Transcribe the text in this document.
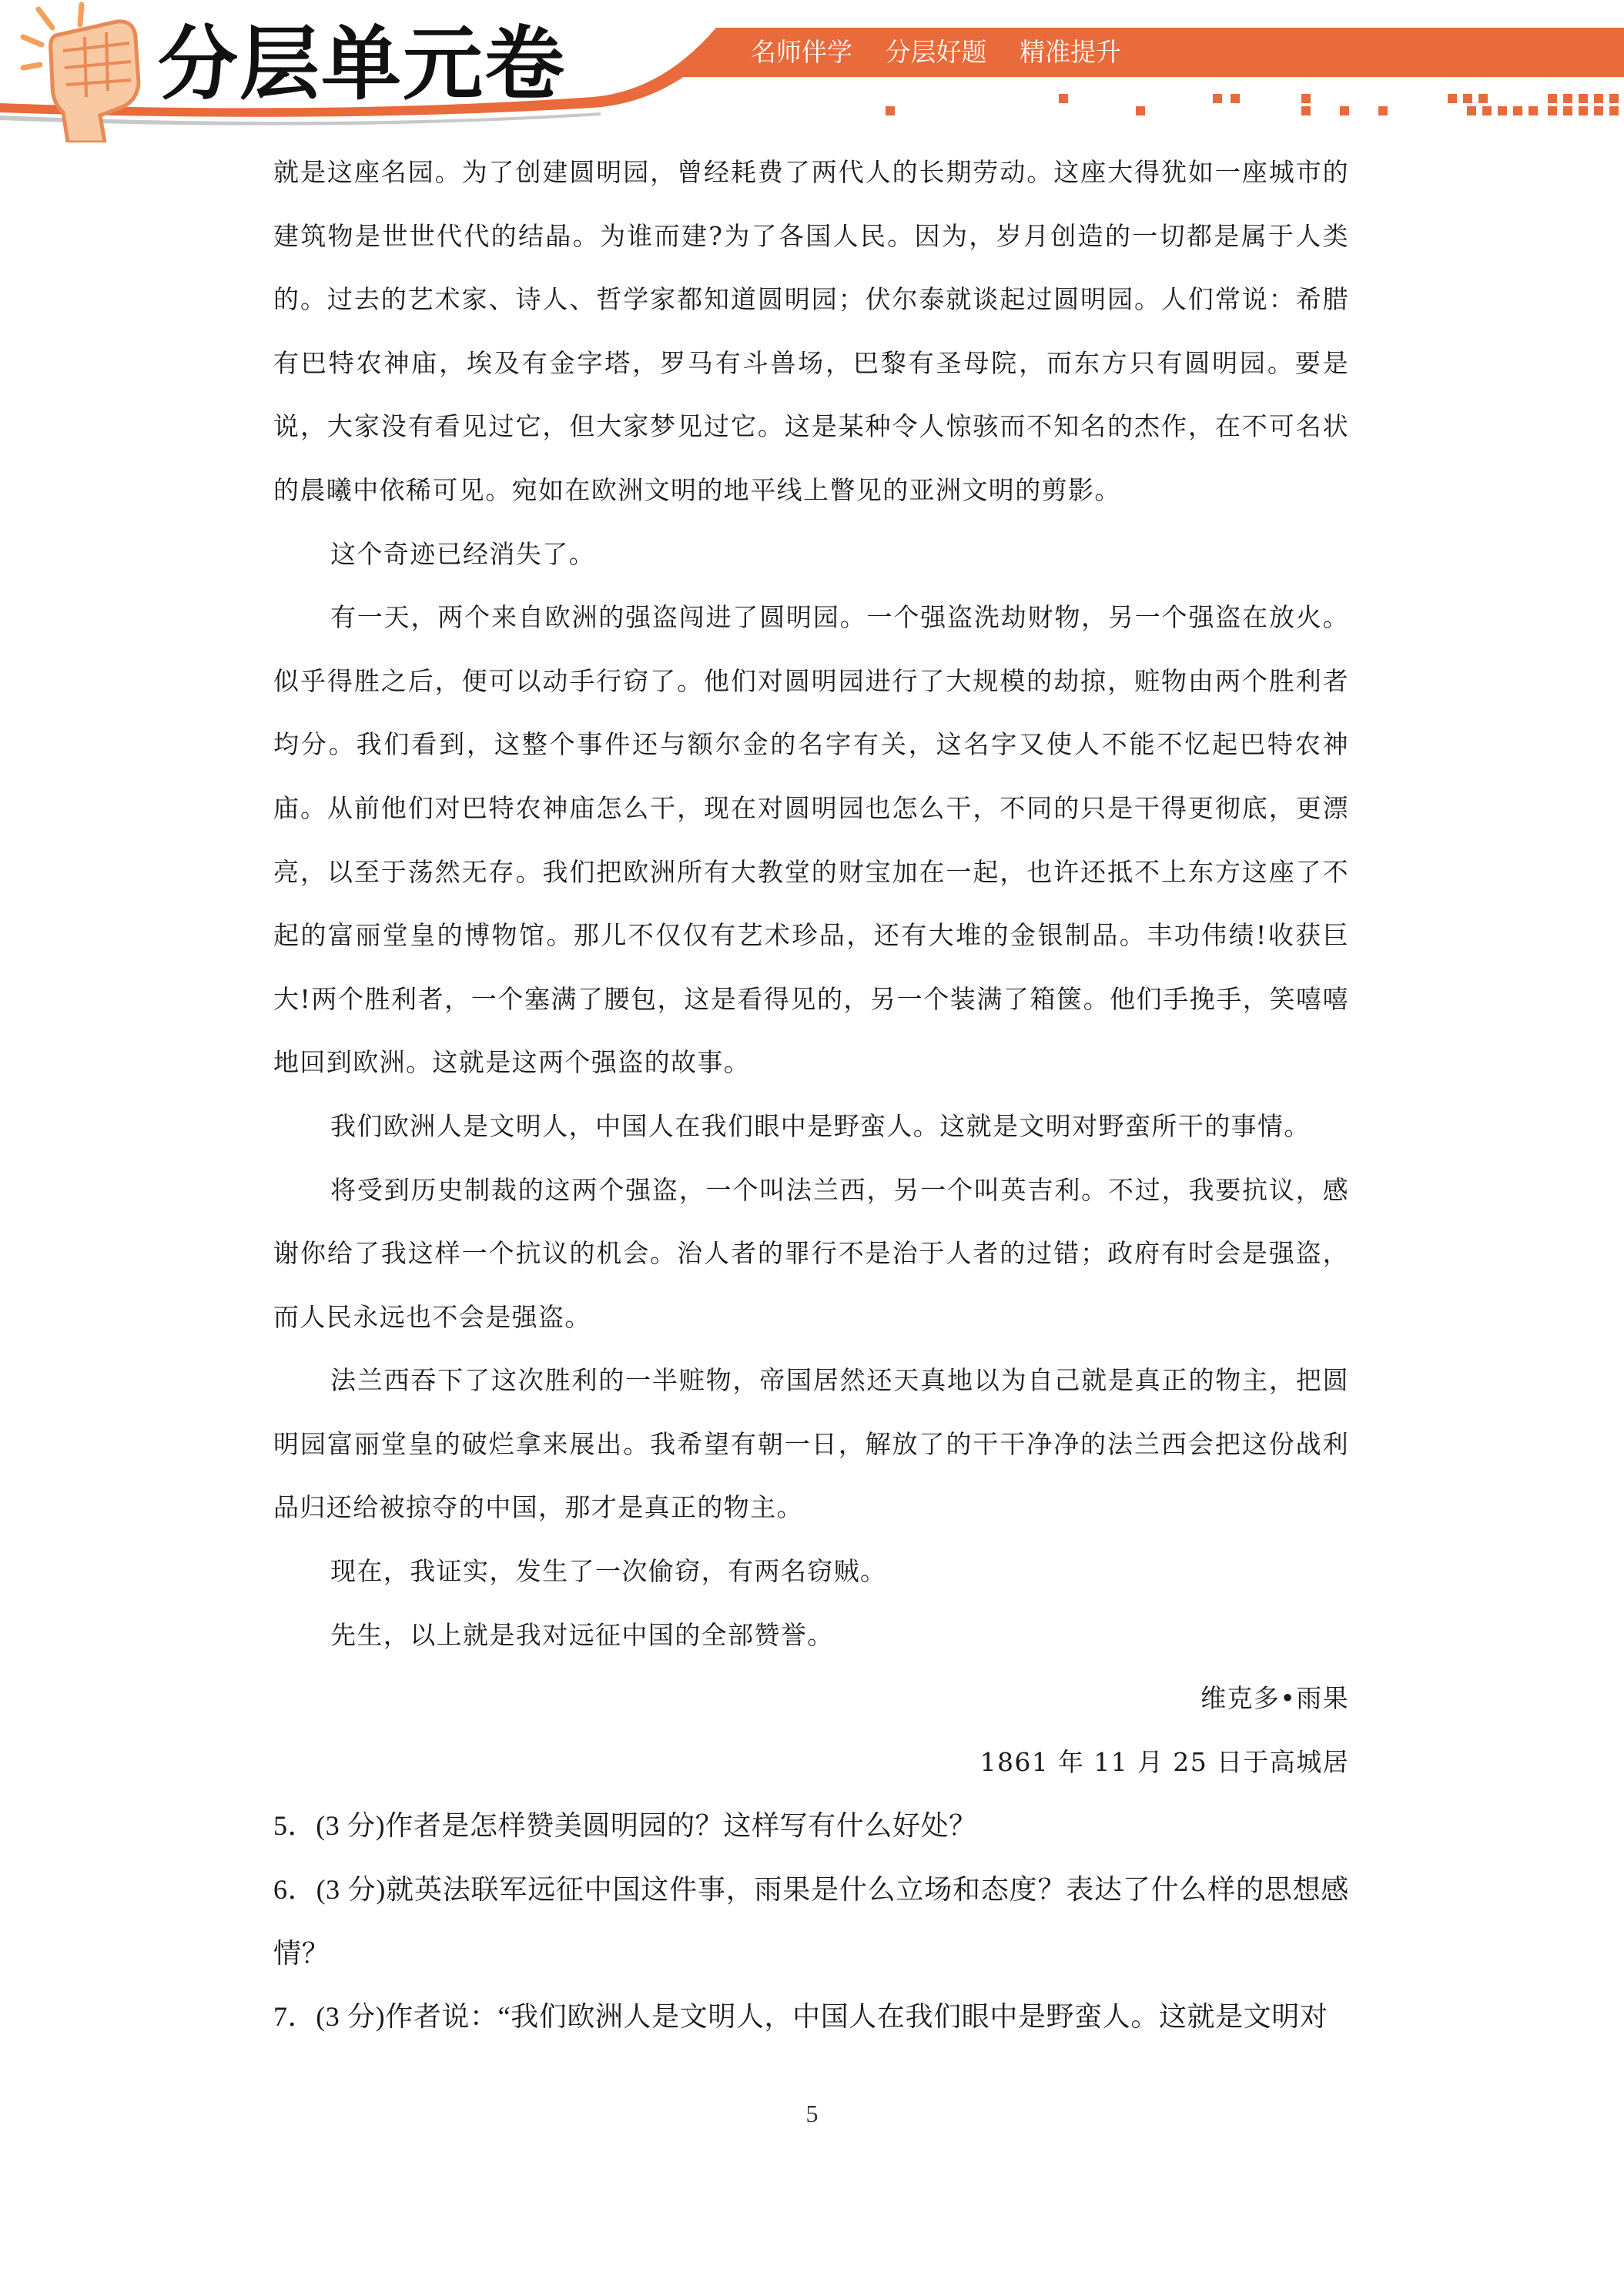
分层单元卷	名师伴学 分层好题 精准提升

就是这座名园。为了创建圆明园，曾经耗费了两代人的长期劳动。这座大得犹如一座城市的建筑物是世世代代的结晶。为谁而建?为了各国人民。因为，岁月创造的一切都是属于人类的。过去的艺术家、诗人、哲学家都知道圆明园；伏尔泰就谈起过圆明园。人们常说：希腊有巴特农神庙，埃及有金字塔，罗马有斗兽场，巴黎有圣母院，而东方只有圆明园。要是说，大家没有看见过它，但大家梦见过它。这是某种令人惊骇而不知名的杰作，在不可名状的晨曦中依稀可见。宛如在欧洲文明的地平线上瞥见的亚洲文明的剪影。

这个奇迹已经消失了。

有一天，两个来自欧洲的强盗闯进了圆明园。一个强盗洗劫财物，另一个强盗在放火。似乎得胜之后，便可以动手行窃了。他们对圆明园进行了大规模的劫掠，赃物由两个胜利者均分。我们看到，这整个事件还与额尔金的名字有关，这名字又使人不能不忆起巴特农神庙。从前他们对巴特农神庙怎么干，现在对圆明园也怎么干，不同的只是干得更彻底，更漂亮，以至于荡然无存。我们把欧洲所有大教堂的财宝加在一起，也许还抵不上东方这座了不起的富丽堂皇的博物馆。那儿不仅仅有艺术珍品，还有大堆的金银制品。丰功伟绩!收获巨大!两个胜利者，一个塞满了腰包，这是看得见的，另一个装满了箱箧。他们手挽手，笑嘻嘻地回到欧洲。这就是这两个强盗的故事。

我们欧洲人是文明人，中国人在我们眼中是野蛮人。这就是文明对野蛮所干的事情。

将受到历史制裁的这两个强盗，一个叫法兰西，另一个叫英吉利。不过，我要抗议，感谢你给了我这样一个抗议的机会。治人者的罪行不是治于人者的过错；政府有时会是强盗，而人民永远也不会是强盗。

法兰西吞下了这次胜利的一半赃物，帝国居然还天真地以为自己就是真正的物主，把圆明园富丽堂皇的破烂拿来展出。我希望有朝一日，解放了的干干净净的法兰西会把这份战利品归还给被掠夺的中国，那才是真正的物主。

现在，我证实，发生了一次偷窃，有两名窃贼。

先生，以上就是我对远征中国的全部赞誉。

维克多•雨果

1861 年 11 月 25 日于高城居

5．(3 分)作者是怎样赞美圆明园的？这样写有什么好处？

6．(3 分)就英法联军远征中国这件事，雨果是什么立场和态度？表达了什么样的思想感情？

7．(3 分)作者说：“我们欧洲人是文明人，中国人在我们眼中是野蛮人。这就是文明对

5
